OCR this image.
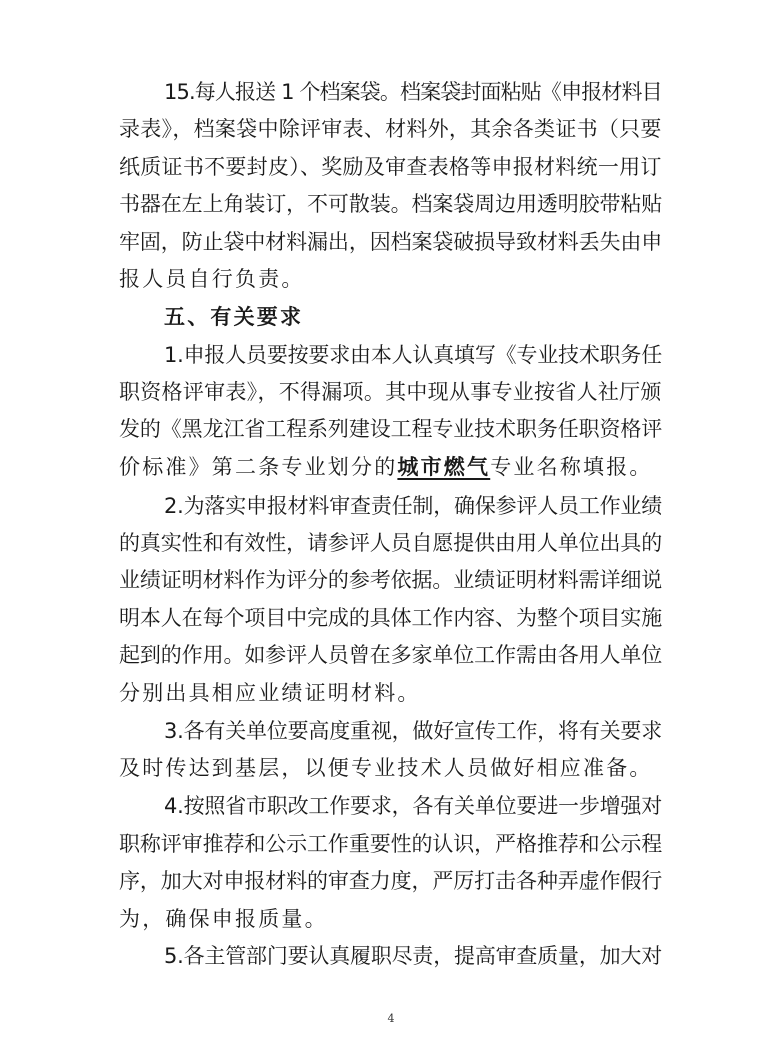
15.每人报送 1 个档案袋。档案袋封面粘贴《申报材料目
录表》，档案袋中除评审表、材料外，其余各类证书（只要
纸质证书不要封皮）、奖励及审查表格等申报材料统一用订
书器在左上角装订，不可散装。档案袋周边用透明胶带粘贴
牢固，防止袋中材料漏出，因档案袋破损导致材料丢失由申
报人员自行负责。
五、有关要求
1.申报人员要按要求由本人认真填写《专业技术职务任
职资格评审表》，不得漏项。其中现从事专业按省人社厅颁
发的《黑龙江省工程系列建设工程专业技术职务任职资格评
价标准》第二条专业划分的城市燃气专业名称填报。
2.为落实申报材料审查责任制，确保参评人员工作业绩
的真实性和有效性，请参评人员自愿提供由用人单位出具的
业绩证明材料作为评分的参考依据。业绩证明材料需详细说
明本人在每个项目中完成的具体工作内容、为整个项目实施
起到的作用。如参评人员曾在多家单位工作需由各用人单位
分别出具相应业绩证明材料。
3.各有关单位要高度重视，做好宣传工作，将有关要求
及时传达到基层，以便专业技术人员做好相应准备。
4.按照省市职改工作要求，各有关单位要进一步增强对
职称评审推荐和公示工作重要性的认识，严格推荐和公示程
序，加大对申报材料的审查力度，严厉打击各种弄虚作假行
为，确保申报质量。
5.各主管部门要认真履职尽责，提高审查质量，加大对
4
